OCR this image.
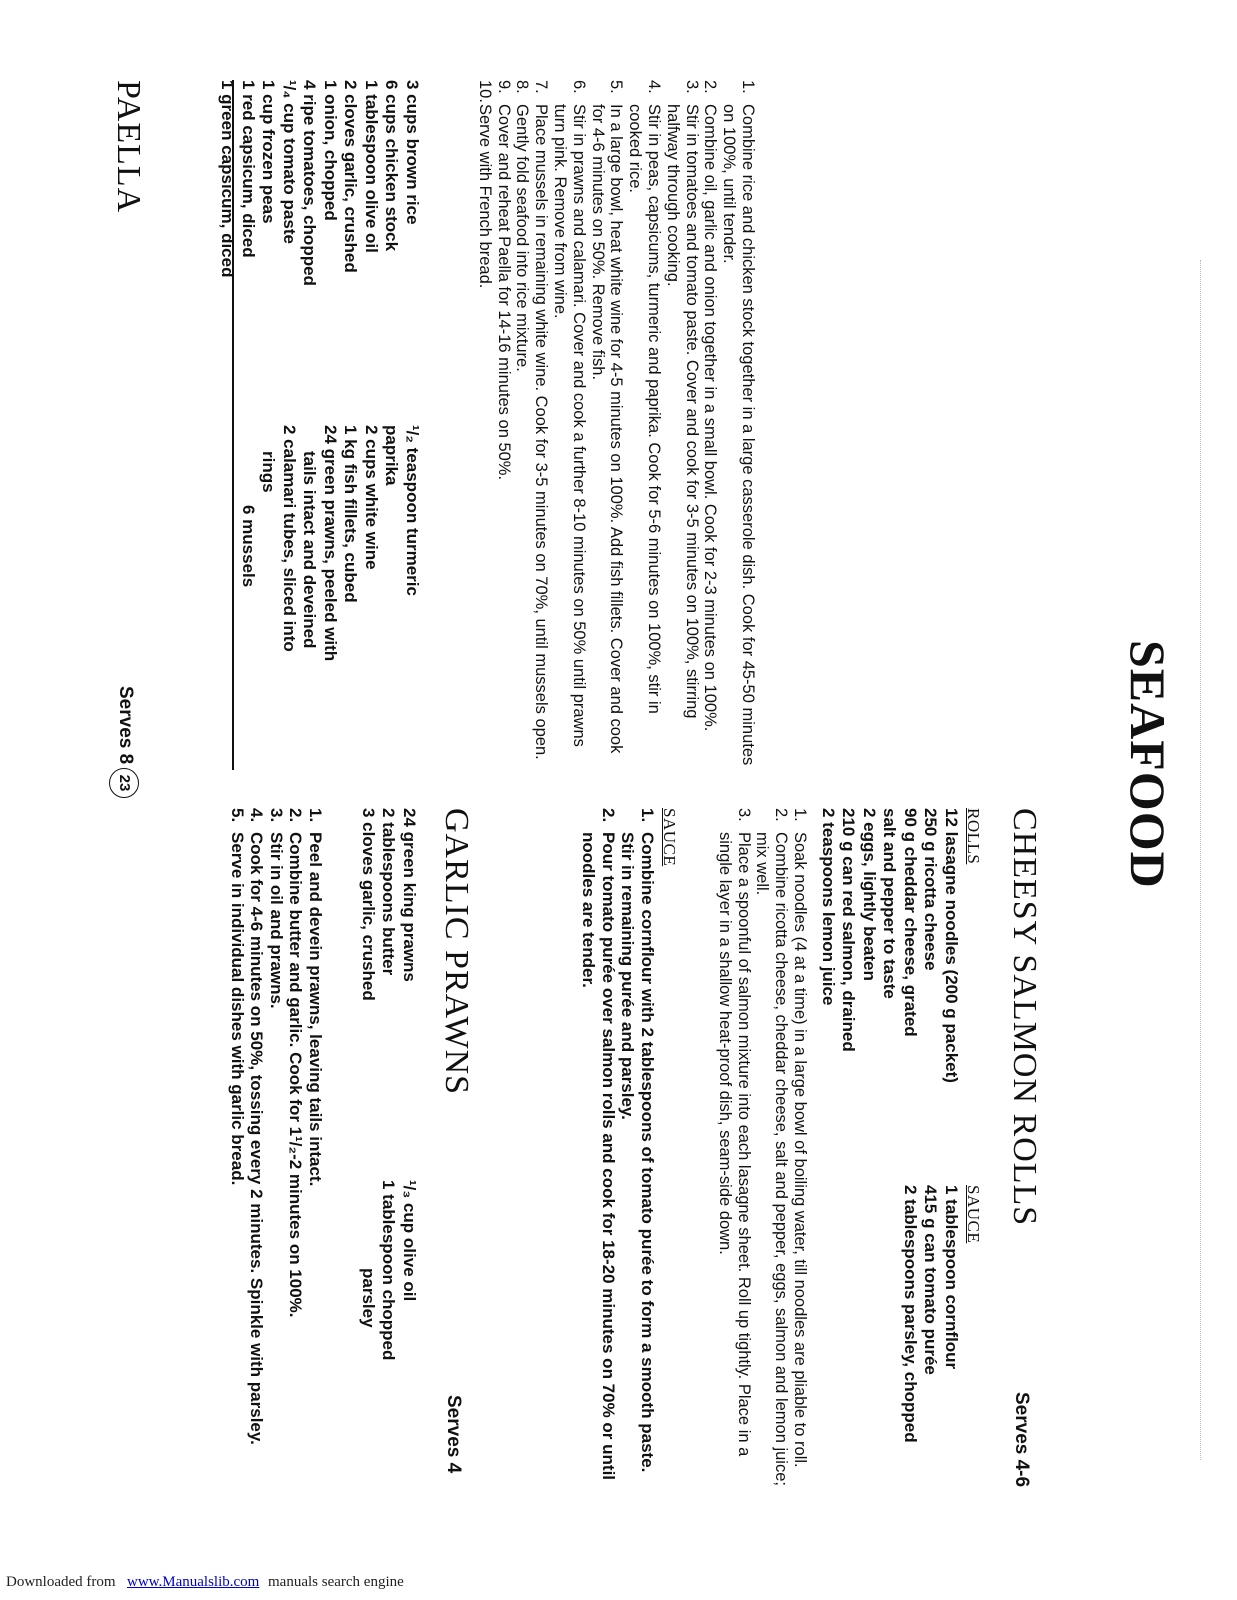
SEAFOOD
PAELLA
Serves 8
3 cups brown rice
6 cups chicken stock
1 tablespoon olive oil
2 cloves garlic, crushed
1 onion, chopped
4 ripe tomatoes, chopped
¹/₄ cup tomato paste
1 cup frozen peas
1 red capsicum, diced
1 green capsicum, diced
¹/₂ teaspoon turmeric
paprika
2 cups white wine
1 kg fish fillets, cubed
24 green prawns, peeled with
tails intact and deveined
2 calamari tubes, sliced into
rings
6 mussels
1.
Combine rice and chicken stock together in a large casserole dish. Cook for 45-50 minutes on 100%, until tender.
2.
Combine oil, garlic and onion together in a small bowl. Cook for 2-3 minutes on 100%.
3.
Stir in tomatoes and tomato paste. Cover and cook for 3-5 minutes on 100%, stirring halfway through cooking.
4.
Stir in peas, capsicums, turmeric and paprika. Cook for 5-6 minutes on 100%, stir in cooked rice.
5.
In a large bowl, heat white wine for 4-5 minutes on 100%. Add fish fillets. Cover and cook for 4-6 minutes on 50%. Remove fish.
6.
Stir in prawns and calamari. Cover and cook a further 8-10 minutes on 50% until prawns turn pink. Remove from wine.
7.
Place mussels in remaining white wine. Cook for 3-5 minutes on 70%, until mussels open.
8.
Gently fold seafood into rice mixture.
9.
Cover and reheat Paella for 14-16 minutes on 50%.
10.
Serve with French bread.
23
CHEESY SALMON ROLLS
Serves 4-6
ROLLS
SAUCE
12 lasagne noodles (200 g packet)
250 g ricotta cheese
90 g cheddar cheese, grated
salt and pepper to taste
2 eggs, lightly beaten
210 g can red salmon, drained
2 teaspoons lemon juice
1 tablespoon cornflour
415 g can tomato purée
2 tablespoons parsley, chopped
1.
Soak noodles (4 at a time) in a large bowl of boiling water, till noodles are pliable to roll.
2.
Combine ricotta cheese, cheddar cheese, salt and pepper, eggs, salmon and lemon juice; mix well.
3.
Place a spoonful of salmon mixture into each lasagne sheet. Roll up tightly. Place in a single layer in a shallow heat-proof dish, seam-side down.
SAUCE
1.
Combine cornflour with 2 tablespoons of tomato purée to form a smooth paste. Stir in remaining purée and parsley.
2.
Pour tomato purée over salmon rolls and cook for 18-20 minutes on 70% or until noodles are tender.
GARLIC PRAWNS
Serves 4
24 green king prawns
2 tablespoons butter
3 cloves garlic, crushed
¹/₃ cup olive oil
1 tablespoon chopped
parsley
1.
Peel and devein prawns, leaving tails intact.
2.
Combine butter and garlic. Cook for 1¹/₂-2 minutes on 100%.
3.
Stir in oil and prawns.
4.
Cook for 4-6 minutes on 50%, tossing every 2 minutes. Spinkle with parsley.
5.
Serve in individual dishes with garlic bread.
Downloaded from www.Manualslib.com manuals search engine
